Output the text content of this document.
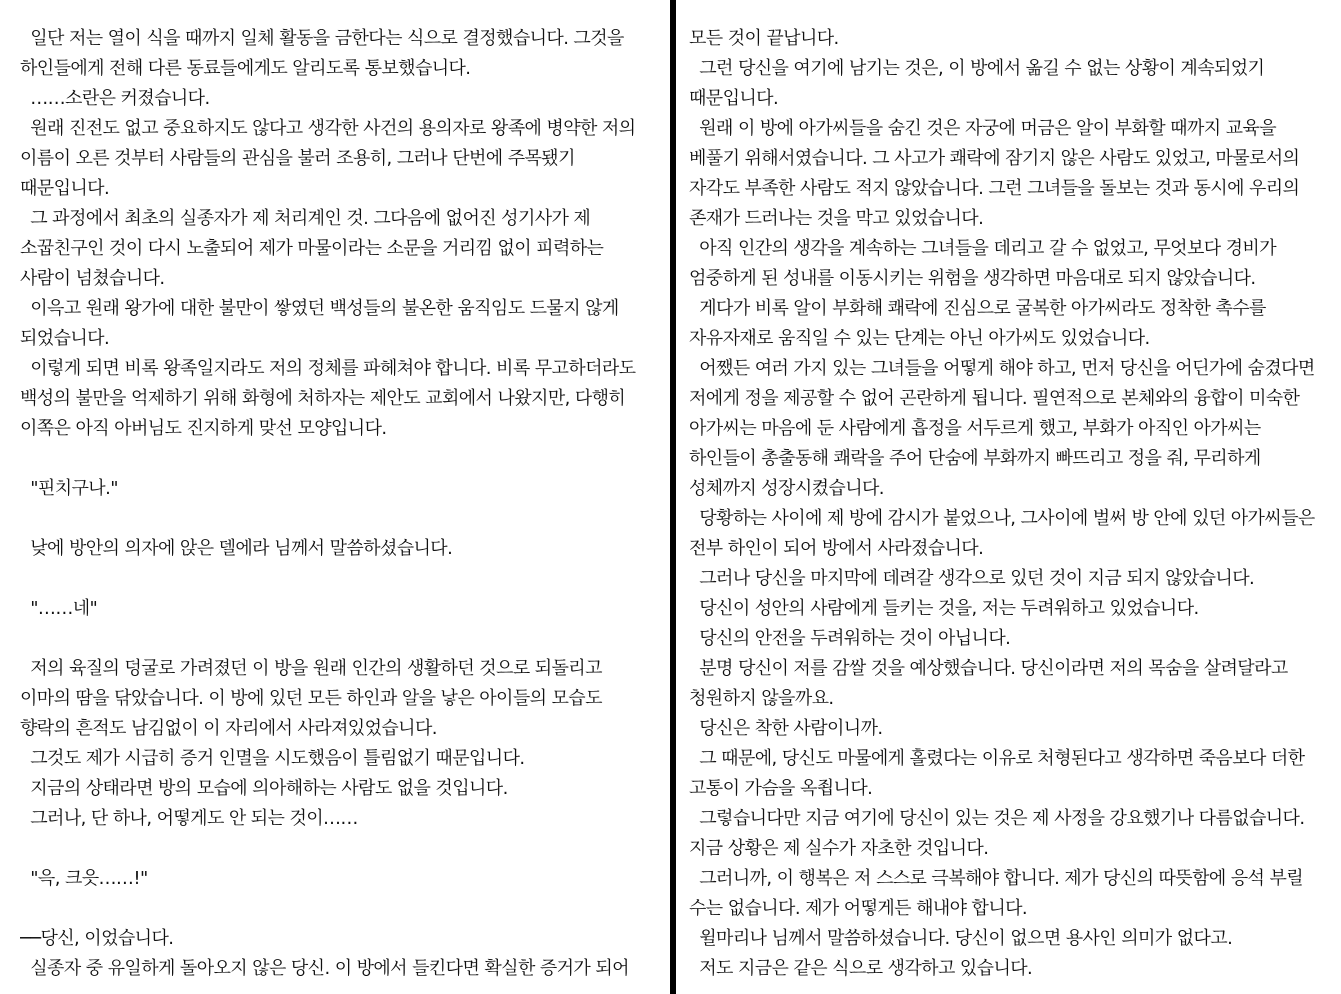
일단 저는 열이 식을 때까지 일체 활동을 금한다는 식으로 결정했습니다. 그것을
하인들에게 전해 다른 동료들에게도 알리도록 통보했습니다.
……소란은 커졌습니다.
원래 진전도 없고 중요하지도 않다고 생각한 사건의 용의자로 왕족에 병약한 저의
이름이 오른 것부터 사람들의 관심을 불러 조용히, 그러나 단번에 주목됐기
때문입니다.
그 과정에서 최초의 실종자가 제 처리계인 것. 그다음에 없어진 성기사가 제
소꿉친구인 것이 다시 노출되어 제가 마물이라는 소문을 거리낌 없이 피력하는
사람이 넘쳤습니다.
이윽고 원래 왕가에 대한 불만이 쌓였던 백성들의 불온한 움직임도 드물지 않게
되었습니다.
이렇게 되면 비록 왕족일지라도 저의 정체를 파헤쳐야 합니다. 비록 무고하더라도
백성의 불만을 억제하기 위해 화형에 처하자는 제안도 교회에서 나왔지만, 다행히
이쪽은 아직 아버님도 진지하게 맞선 모양입니다.
"핀치구나."
낮에 방안의 의자에 앉은 델에라 님께서 말씀하셨습니다.
"……네"
저의 육질의 덩굴로 가려졌던 이 방을 원래 인간의 생활하던 것으로 되돌리고
이마의 땀을 닦았습니다. 이 방에 있던 모든 하인과 알을 낳은 아이들의 모습도
향락의 흔적도 남김없이 이 자리에서 사라져있었습니다.
그것도 제가 시급히 증거 인멸을 시도했음이 틀림없기 때문입니다.
지금의 상태라면 방의 모습에 의아해하는 사람도 없을 것입니다.
그러나, 단 하나, 어떻게도 안 되는 것이……
"윽, 크읏……!"
──당신, 이었습니다.
실종자 중 유일하게 돌아오지 않은 당신. 이 방에서 들킨다면 확실한 증거가 되어
모든 것이 끝납니다.
그런 당신을 여기에 남기는 것은, 이 방에서 옮길 수 없는 상황이 계속되었기
때문입니다.
원래 이 방에 아가씨들을 숨긴 것은 자궁에 머금은 알이 부화할 때까지 교육을
베풀기 위해서였습니다. 그 사고가 쾌락에 잠기지 않은 사람도 있었고, 마물로서의
자각도 부족한 사람도 적지 않았습니다. 그런 그녀들을 돌보는 것과 동시에 우리의
존재가 드러나는 것을 막고 있었습니다.
아직 인간의 생각을 계속하는 그녀들을 데리고 갈 수 없었고, 무엇보다 경비가
엄중하게 된 성내를 이동시키는 위험을 생각하면 마음대로 되지 않았습니다.
게다가 비록 알이 부화해 쾌락에 진심으로 굴복한 아가씨라도 정착한 촉수를
자유자재로 움직일 수 있는 단계는 아닌 아가씨도 있었습니다.
어쨌든 여러 가지 있는 그녀들을 어떻게 해야 하고, 먼저 당신을 어딘가에 숨겼다면
저에게 정을 제공할 수 없어 곤란하게 됩니다. 필연적으로 본체와의 융합이 미숙한
아가씨는 마음에 둔 사람에게 흡정을 서두르게 했고, 부화가 아직인 아가씨는
하인들이 총출동해 쾌락을 주어 단숨에 부화까지 빠뜨리고 정을 줘, 무리하게
성체까지 성장시켰습니다.
당황하는 사이에 제 방에 감시가 붙었으나, 그사이에 벌써 방 안에 있던 아가씨들은
전부 하인이 되어 방에서 사라졌습니다.
그러나 당신을 마지막에 데려갈 생각으로 있던 것이 지금 되지 않았습니다.
당신이 성안의 사람에게 들키는 것을, 저는 두려워하고 있었습니다.
당신의 안전을 두려워하는 것이 아닙니다.
분명 당신이 저를 감쌀 것을 예상했습니다. 당신이라면 저의 목숨을 살려달라고
청원하지 않을까요.
당신은 착한 사람이니까.
그 때문에, 당신도 마물에게 홀렸다는 이유로 처형된다고 생각하면 죽음보다 더한
고통이 가슴을 옥죕니다.
그렇습니다만 지금 여기에 당신이 있는 것은 제 사정을 강요했기나 다름없습니다.
지금 상황은 제 실수가 자초한 것입니다.
그러니까, 이 행복은 저 스스로 극복해야 합니다. 제가 당신의 따뜻함에 응석 부릴
수는 없습니다. 제가 어떻게든 해내야 합니다.
윌마리나 님께서 말씀하셨습니다. 당신이 없으면 용사인 의미가 없다고.
저도 지금은 같은 식으로 생각하고 있습니다.
